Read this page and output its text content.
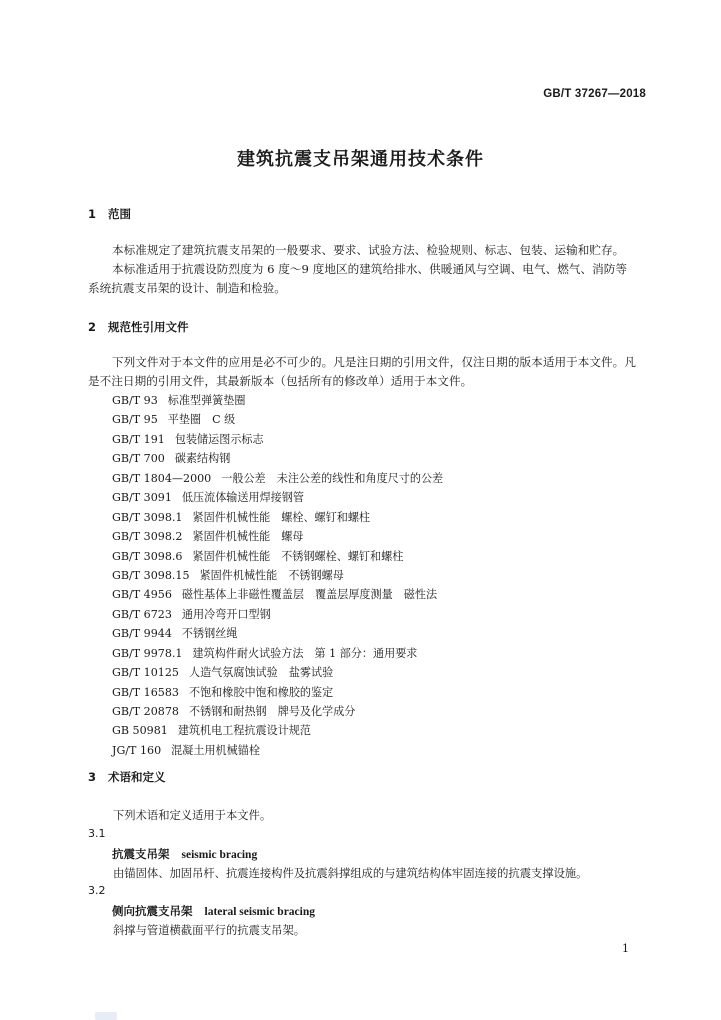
GB/T 37267—2018
建筑抗震支吊架通用技术条件
1 范围

本标准规定了建筑抗震支吊架的一般要求、要求、试验方法、检验规则、标志、包装、运输和贮存。

本标准适用于抗震设防烈度为 6 度～9 度地区的建筑给排水、供暖通风与空调、电气、燃气、消防等系统抗震支吊架的设计、制造和检验。

2 规范性引用文件

下列文件对于本文件的应用是必不可少的。凡是注日期的引用文件，仅注日期的版本适用于本文件。凡是不注日期的引用文件，其最新版本（包括所有的修改单）适用于本文件。

GB/T 93 标准型弹簧垫圈
GB/T 95 平垫圈　C 级
GB/T 191 包装储运图示标志
GB/T 700 碳素结构钢
GB/T 1804—2000 一般公差　未注公差的线性和角度尺寸的公差
GB/T 3091 低压流体输送用焊接钢管
GB/T 3098.1 紧固件机械性能　螺栓、螺钉和螺柱
GB/T 3098.2 紧固件机械性能　螺母
GB/T 3098.6 紧固件机械性能　不锈钢螺栓、螺钉和螺柱
GB/T 3098.15 紧固件机械性能　不锈钢螺母
GB/T 4956 磁性基体上非磁性覆盖层　覆盖层厚度测量　磁性法
GB/T 6723 通用冷弯开口型钢
GB/T 9944 不锈钢丝绳
GB/T 9978.1 建筑构件耐火试验方法　第 1 部分：通用要求
GB/T 10125 人造气氛腐蚀试验　盐雾试验
GB/T 16583 不饱和橡胶中饱和橡胶的鉴定
GB/T 20878 不锈钢和耐热钢　牌号及化学成分
GB 50981 建筑机电工程抗震设计规范
JG/T 160 混凝土用机械锚栓
3 术语和定义
下列术语和定义适用于本文件。
3.1
抗震支吊架 seismic bracing
由锚固体、加固吊杆、抗震连接构件及抗震斜撑组成的与建筑结构体牢固连接的抗震支撑设施。
3.2
侧向抗震支吊架 lateral seismic bracing
斜撑与管道横截面平行的抗震支吊架。
1
